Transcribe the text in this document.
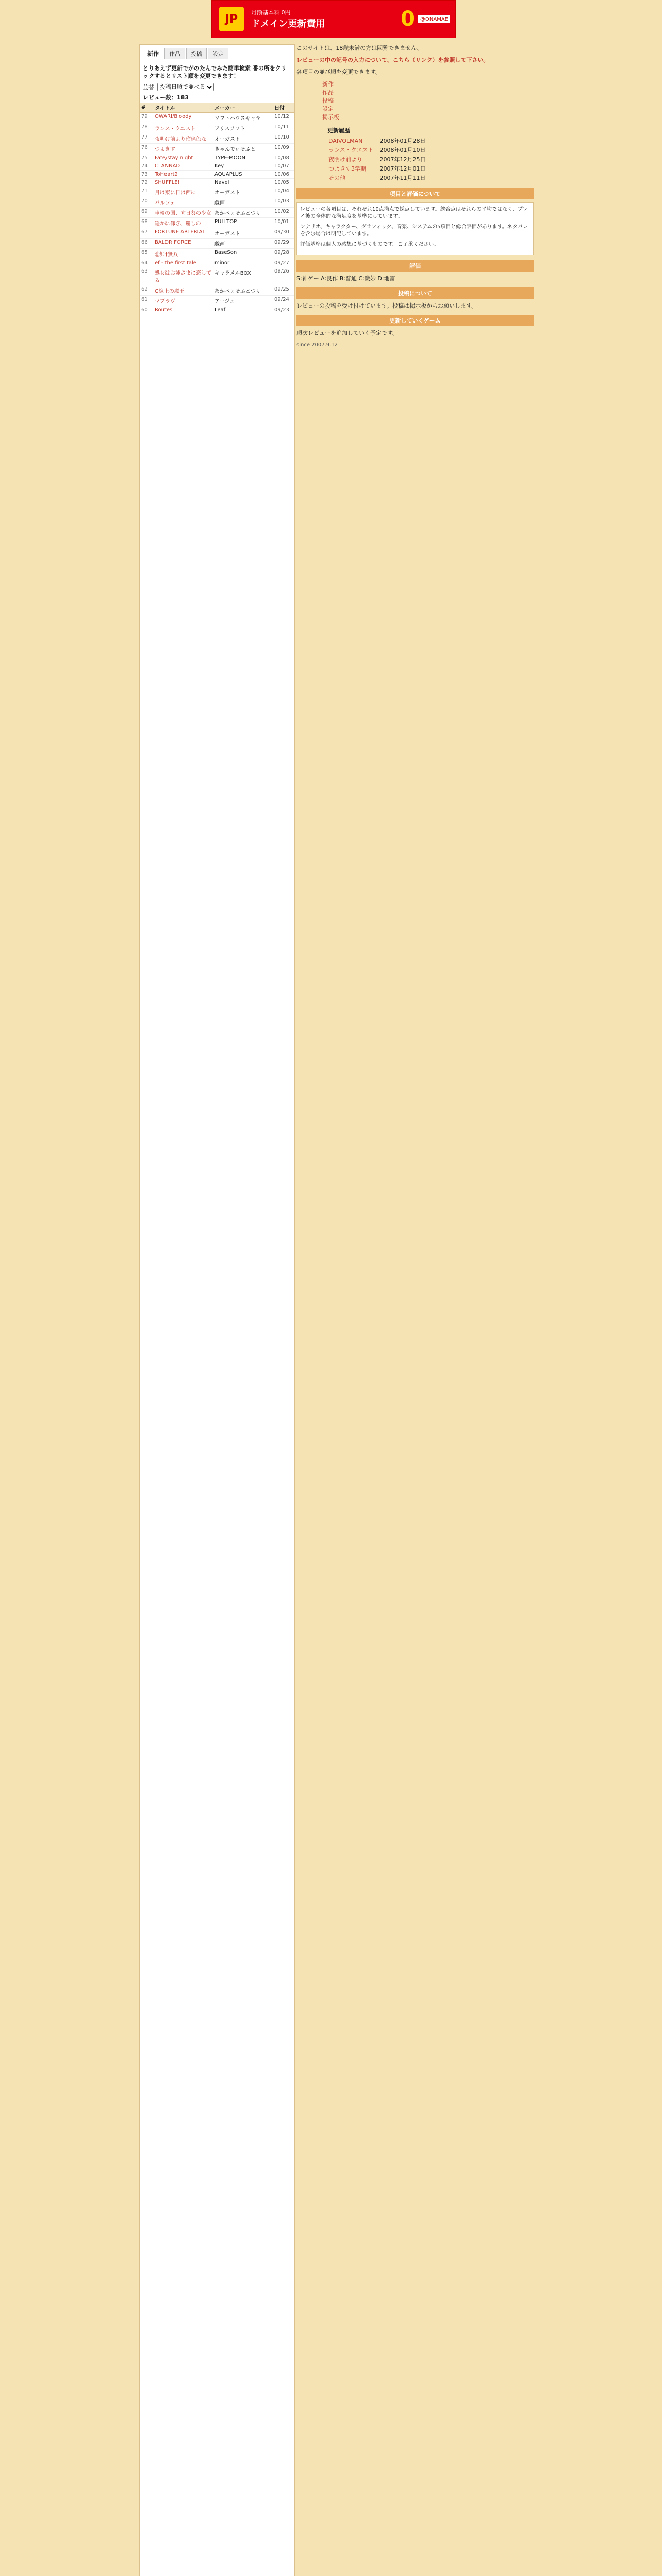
JP	月額基本料 0円
ドメイン更新費用	0	@ONAMAE
新作	作品	投稿	設定
とりあえず更新でがのたんでみた簡単検索 番の所をクリックするとリスト順を変更できます！
並替
投稿日順で並べる
レビュー数：183
#	タイトル	メーカー	日付
79	OWARI/Bloody	ソフトハウスキャラ	10/12
78	ランス・クエスト	アリスソフト	10/11
77	夜明け前より瑠璃色な	オーガスト	10/10
76	つよきす	きゃんでぃそふと	10/09
75	Fate/stay night	TYPE-MOON	10/08
74	CLANNAD	Key	10/07
73	ToHeart2	AQUAPLUS	10/06
72	SHUFFLE!	Navel	10/05
71	月は東に日は西に	オーガスト	10/04
70	パルフェ	戯画	10/03
69	車輪の国、向日葵の少女	あかべぇそふとつぅ	10/02
68	遥かに仰ぎ、麗しの	PULLTOP	10/01
67	FORTUNE ARTERIAL	オーガスト	09/30
66	BALDR FORCE	戯画	09/29
65	恋姫†無双	BaseSon	09/28
64	ef - the first tale.	minori	09/27
63	処女はお姉さまに恋してる	キャラメルBOX	09/26
62	G線上の魔王	あかべぇそふとつぅ	09/25
61	マブラヴ	アージュ	09/24
60	Routes	Leaf	09/23

このサイトは、18歳未満の方は閲覧できません。

レビューの中の記号の入力について、こちら（リンク）を参照して下さい。

各項目の並び順を変更できます。

新作
作品
投稿
設定
掲示板
更新履歴
DAIVOLMAN	2008年01月28日
ランス・クエスト	2008年01月10日
夜明け前より	2007年12月25日
つよきす3学期	2007年12月01日
その他	2007年11月11日
項目と評価について

レビューの各項目は、それぞれ10点満点で採点しています。総合点はそれらの平均ではなく、プレイ後の全体的な満足度を基準にしています。

シナリオ、キャラクター、グラフィック、音楽、システムの5項目と総合評価があります。ネタバレを含む場合は明記しています。

評価基準は個人の感想に基づくものです。ご了承ください。

評価

S:神ゲー A:良作 B:普通 C:微妙 D:地雷

投稿について

レビューの投稿を受け付けています。投稿は掲示板からお願いします。

更新していくゲーム

順次レビューを追加していく予定です。

since 2007.9.12
